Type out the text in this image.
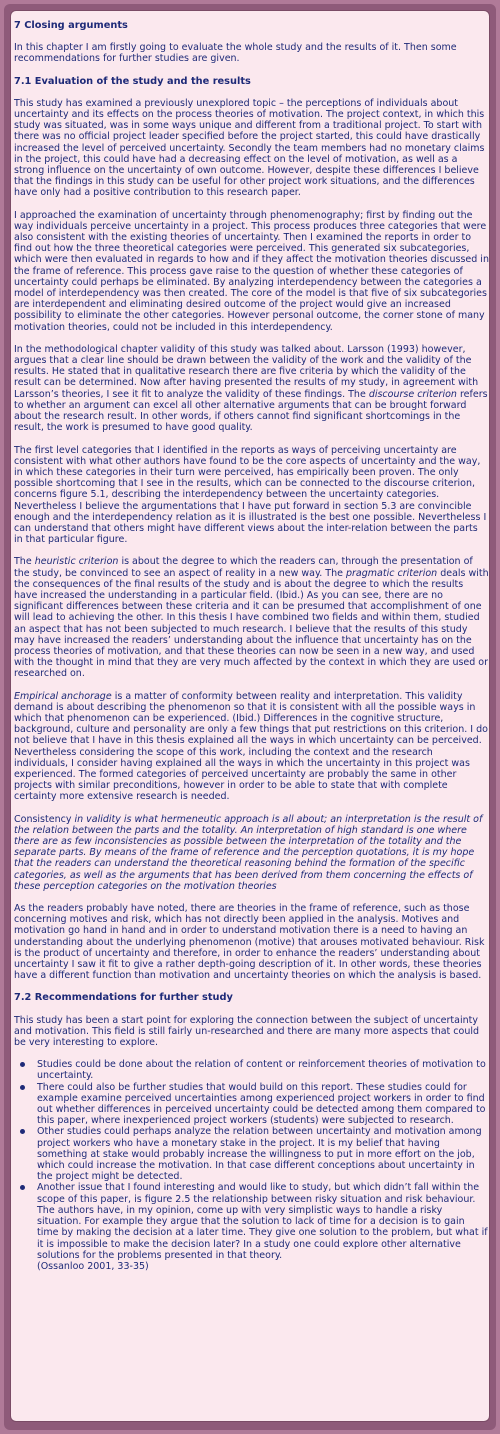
7 Closing arguments

In this chapter I am firstly going to evaluate the whole study and the results of it. Then some recommendations for further studies are given.

7.1 Evaluation of the study and the results

This study has examined a previously unexplored topic – the perceptions of individuals about uncertainty and its effects on the process theories of motivation. The project context, in which this study was situated, was in some ways unique and different from a traditional project. To start with there was no official project leader specified before the project started, this could have drastically increased the level of perceived uncertainty. Secondly the team members had no monetary claims in the project, this could have had a decreasing effect on the level of motivation, as well as a strong influence on the uncertainty of own outcome. However, despite these differences I believe that the findings in this study can be useful for other project work situations, and the differences have only had a positive contribution to this research paper.

I approached the examination of uncertainty through phenomenography; first by finding out the way individuals perceive uncertainty in a project. This process produces three categories that were also consistent with the existing theories of uncertainty. Then I examined the reports in order to find out how the three theoretical categories were perceived. This generated six subcategories, which were then evaluated in regards to how and if they affect the motivation theories discussed in the frame of reference. This process gave raise to the question of whether these categories of uncertainty could perhaps be eliminated. By analyzing interdependency between the categories a model of interdependency was then created. The core of the model is that five of six subcategories are interdependent and eliminating desired outcome of the project would give an increased possibility to eliminate the other categories. However personal outcome, the corner stone of many motivation theories, could not be included in this interdependency.

In the methodological chapter validity of this study was talked about. Larsson (1993) however, argues that a clear line should be drawn between the validity of the work and the validity of the results. He stated that in qualitative research there are five criteria by which the validity of the result can be determined. Now after having presented the results of my study, in agreement with Larsson’s theories, I see it fit to analyze the validity of these findings. The discourse criterion refers to whether an argument can excel all other alternative arguments that can be brought forward about the research result. In other words, if others cannot find significant shortcomings in the result, the work is presumed to have good quality.

The first level categories that I identified in the reports as ways of perceiving uncertainty are consistent with what other authors have found to be the core aspects of uncertainty and the way, in which these categories in their turn were perceived, has empirically been proven. The only possible shortcoming that I see in the results, which can be connected to the discourse criterion, concerns figure 5.1, describing the interdependency between the uncertainty categories. Nevertheless I believe the argumentations that I have put forward in section 5.3 are convincible enough and the interdependency relation as it is illustrated is the best one possible. Nevertheless I can understand that others might have different views about the inter-relation between the parts in that particular figure.

The heuristic criterion is about the degree to which the readers can, through the presentation of the study, be convinced to see an aspect of reality in a new way. The pragmatic criterion deals with the consequences of the final results of the study and is about the degree to which the results have increased the understanding in a particular field. (Ibid.) As you can see, there are no significant differences between these criteria and it can be presumed that accomplishment of one will lead to achieving the other. In this thesis I have combined two fields and within them, studied an aspect that has not been subjected to much research. I believe that the results of this study may have increased the readers’ understanding about the influence that uncertainty has on the process theories of motivation, and that these theories can now be seen in a new way, and used with the thought in mind that they are very much affected by the context in which they are used or researched on.

Empirical anchorage is a matter of conformity between reality and interpretation. This validity demand is about describing the phenomenon so that it is consistent with all the possible ways in which that phenomenon can be experienced. (Ibid.) Differences in the cognitive structure, background, culture and personality are only a few things that put restrictions on this criterion. I do not believe that I have in this thesis explained all the ways in which uncertainty can be perceived. Nevertheless considering the scope of this work, including the context and the research individuals, I consider having explained all the ways in which the uncertainty in this project was experienced. The formed categories of perceived uncertainty are probably the same in other projects with similar preconditions, however in order to be able to state that with complete certainty more extensive research is needed.

Consistency in validity is what hermeneutic approach is all about; an interpretation is the result of the relation between the parts and the totality. An interpretation of high standard is one where there are as few inconsistencies as possible between the interpretation of the totality and the separate parts. By means of the frame of reference and the perception quotations, it is my hope that the readers can understand the theoretical reasoning behind the formation of the specific categories, as well as the arguments that has been derived from them concerning the effects of these perception categories on the motivation theories

As the readers probably have noted, there are theories in the frame of reference, such as those concerning motives and risk, which has not directly been applied in the analysis. Motives and motivation go hand in hand and in order to understand motivation there is a need to having an understanding about the underlying phenomenon (motive) that arouses motivated behaviour. Risk is the product of uncertainty and therefore, in order to enhance the readers’ understanding about uncertainty I saw it fit to give a rather depth-going description of it. In other words, these theories have a different function than motivation and uncertainty theories on which the analysis is based.

7.2 Recommendations for further study

This study has been a start point for exploring the connection between the subject of uncertainty and motivation. This field is still fairly un-researched and there are many more aspects that could be very interesting to explore.

Studies could be done about the relation of content or reinforcement theories of motivation to uncertainty.
There could also be further studies that would build on this report. These studies could for example examine perceived uncertainties among experienced project workers in order to find out whether differences in perceived uncertainty could be detected among them compared to this paper, where inexperienced project workers (students) were subjected to research.
Other studies could perhaps analyze the relation between uncertainty and motivation among project workers who have a monetary stake in the project. It is my belief that having something at stake would probably increase the willingness to put in more effort on the job, which could increase the motivation. In that case different conceptions about uncertainty in the project might be detected.
Another issue that I found interesting and would like to study, but which didn’t fall within the scope of this paper, is figure 2.5 the relationship between risky situation and risk behaviour. The authors have, in my opinion, come up with very simplistic ways to handle a risky situation. For example they argue that the solution to lack of time for a decision is to gain time by making the decision at a later time. They give one solution to the problem, but what if it is impossible to make the decision later? In a study one could explore other alternative solutions for the problems presented in that theory.

(Ossanloo 2001, 33-35)
